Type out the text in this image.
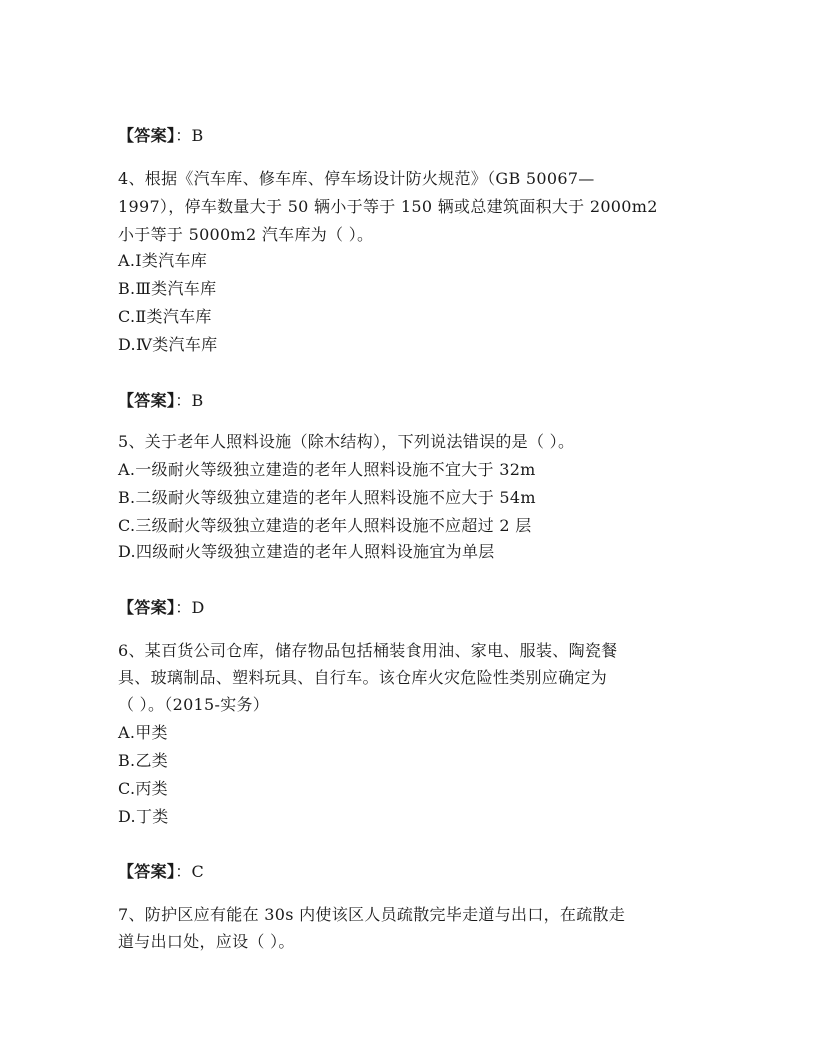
【答案】：B
4、根据《汽车库、修车库、停车场设计防火规范》（GB 50067—
1997），停车数量大于 50 辆小于等于 150 辆或总建筑面积大于 2000m2
小于等于 5000m2 汽车库为（ ）。
A.Ⅰ类汽车库
B.Ⅲ类汽车库
C.Ⅱ类汽车库
D.Ⅳ类汽车库
【答案】：B
5、关于老年人照料设施（除木结构），下列说法错误的是（ ）。
A.一级耐火等级独立建造的老年人照料设施不宜大于 32m
B.二级耐火等级独立建造的老年人照料设施不应大于 54m
C.三级耐火等级独立建造的老年人照料设施不应超过 2 层
D.四级耐火等级独立建造的老年人照料设施宜为单层
【答案】：D
6、某百货公司仓库，储存物品包括桶装食用油、家电、服装、陶瓷餐
具、玻璃制品、塑料玩具、自行车。该仓库火灾危险性类别应确定为
（ ）。（2015-实务）
A.甲类
B.乙类
C.丙类
D.丁类
【答案】：C
7、防护区应有能在 30s 内使该区人员疏散完毕走道与出口，在疏散走
道与出口处，应设（ ）。
